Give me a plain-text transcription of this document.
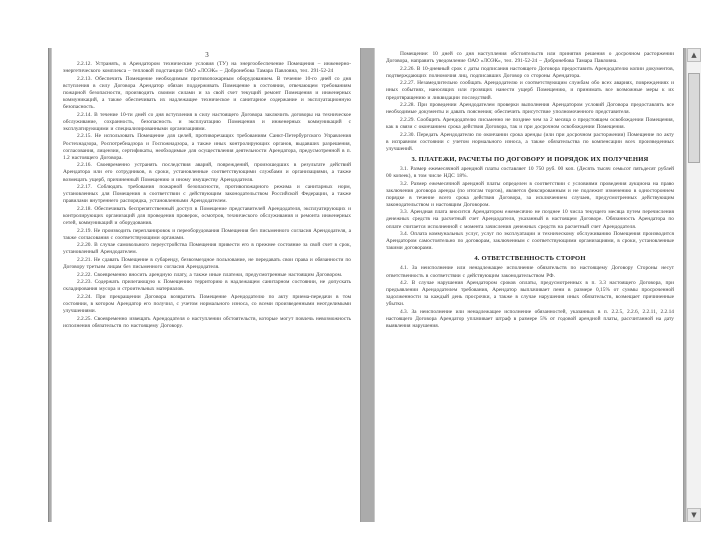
3

2.2.12. Устранять, в Арендатором технические условия (ТУ) на энергообеспечение Помещения – инженерно-энергетического комплекса – тепловой подстанции ОАО «ЛОЭК» – Добронебова Тамара Павловна, тел. 291-52-24

2.2.13. Обеспечить Помещение необходимым противопожарным оборудованием. В течение 10-го дней со дня вступления в силу Договора Арендатор обязан поддерживать Помещение в состоянии, отвечающем требованиям пожарной безопасности, производить своими силами и за свой счет текущий ремонт Помещения и инженерных коммуникаций, а также обеспечивать их надлежащее техническое и санитарное содержание и эксплуатационную безопасность.

2.2.14. В течение 10-ти дней со дня вступления в силу настоящего Договора заключить договоры на техническое обслуживание, сохранность, безопасность и эксплуатацию Помещения и инженерных коммуникаций с эксплуатирующими и специализированными организациями.

2.2.15. Не использовать Помещение для целей, противоречащих требованиям Санкт-Петербургского Управления Ростехнадзора, Роспотребнадзора и Госпожнадзора, а также иных контролирующих органов, выдавших разрешения, согласования, лицензии, сертификаты, необходимые для осуществления деятельности Арендатора, предусмотренной в п. 1.2 настоящего Договора.

2.2.16. Своевременно устранять последствия аварий, повреждений, произошедших в результате действий Арендатора или его сотрудников, в сроки, установленные соответствующими службами и организациями, а также возмещать ущерб, причиненный Помещению и иному имуществу Арендодателя.

2.2.17. Соблюдать требования пожарной безопасности, противопожарного режима и санитарных норм, установленных для Помещения в соответствии с действующим законодательством Российской Федерации, а также правилами внутреннего распорядка, установленными Арендодателем.

2.2.18. Обеспечивать беспрепятственный доступ в Помещение представителей Арендодателя, эксплуатирующих и контролирующих организаций для проведения проверок, осмотров, технического обслуживания и ремонта инженерных сетей, коммуникаций и оборудования.

2.2.19. Не производить перепланировок и переоборудования Помещения без письменного согласия Арендодателя, а также согласования с соответствующими органами.

2.2.20. В случае самовольного переустройства Помещения привести его в прежнее состояние за свой счет в срок, установленный Арендодателем.

2.2.21. Не сдавать Помещение в субаренду, безвозмездное пользование, не передавать свои права и обязанности по Договору третьим лицам без письменного согласия Арендодателя.

2.2.22. Своевременно вносить арендную плату, а также иные платежи, предусмотренные настоящим Договором.

2.2.23. Содержать прилегающую к Помещению территорию в надлежащем санитарном состоянии, не допускать складирования мусора и строительных материалов.

2.2.24. При прекращении Договора возвратить Помещение Арендодателю по акту приема-передачи в том состоянии, в котором Арендатор его получил, с учетом нормального износа, со всеми произведенными неотделимыми улучшениями.

2.2.25. Своевременно извещать Арендодателя о наступлении обстоятельств, которые могут повлечь невозможность исполнения обязательств по настоящему Договору.

Помещение: 10 дней со дня наступления обстоятельств или принятия решения о досрочном расторжении Договора, направить уведомление ОАО «ЛОЭК», тел. 291-52-24 – Добронебова Тамара Павловна.

2.2.26. В 10-дневный срок с даты подписания настоящего Договора предоставить Арендодателю копии документов, подтверждающих полномочия лиц, подписавших Договор со стороны Арендатора.

2.2.27. Незамедлительно сообщать Арендодателю и соответствующим службам обо всех авариях, повреждениях и иных событиях, наносящих или грозящих нанести ущерб Помещению, и принимать все возможные меры к их предотвращению и ликвидации последствий.

2.2.28. При проведении Арендодателем проверки выполнения Арендатором условий Договора предоставлять все необходимые документы и давать пояснения; обеспечить присутствие уполномоченного представителя.

2.2.29. Сообщить Арендодателю письменно не позднее чем за 2 месяца о предстоящем освобождении Помещения, как в связи с окончанием срока действия Договора, так и при досрочном освобождении Помещения.

2.2.30. Передать Арендодателю по окончании срока аренды (или при досрочном расторжении) Помещение по акту в исправном состоянии с учетом нормального износа, а также обязательства по компенсации всех произведенных улучшений.

3. ПЛАТЕЖИ, РАСЧЕТЫ ПО ДОГОВОРУ И ПОРЯДОК ИХ ПОЛУЧЕНИЯ

3.1. Размер ежемесячной арендной платы составляет 10 750 руб. 00 коп. (Десять тысяч семьсот пятьдесят рублей 00 копеек), в том числе НДС 18%.

3.2. Размер ежемесячной арендной платы определен в соответствии с условиями проведения аукциона на право заключения договора аренды (по итогам торгов), является фиксированным и не подлежит изменению в одностороннем порядке в течение всего срока действия Договора, за исключением случаев, предусмотренных действующим законодательством и настоящим Договором.

3.3. Арендная плата вносится Арендатором ежемесячно не позднее 10 числа текущего месяца путем перечисления денежных средств на расчетный счет Арендодателя, указанный в настоящем Договоре. Обязанность Арендатора по оплате считается исполненной с момента зачисления денежных средств на расчетный счет Арендодателя.

3.4. Оплата коммунальных услуг, услуг по эксплуатации и техническому обслуживанию Помещения производится Арендатором самостоятельно по договорам, заключенным с соответствующими организациями, в сроки, установленные такими договорами.

4. ОТВЕТСТВЕННОСТЬ СТОРОН

4.1. За неисполнение или ненадлежащее исполнение обязательств по настоящему Договору Стороны несут ответственность в соответствии с действующим законодательством РФ.

4.2. В случае нарушения Арендатором сроков оплаты, предусмотренных в п. 3.3 настоящего Договора, при предъявлении Арендодателем требования, Арендатор выплачивает пени в размере 0,15% от суммы просроченной задолженности за каждый день просрочки, а также в случае нарушения иных обязательств, возмещает причиненные убытки.

4.3. За неисполнение или ненадлежащее исполнение обязанностей, указанных в п. 2.2.5, 2.2.6, 2.2.11, 2.2.14 настоящего Договора Арендатор уплачивает штраф в размере 5% от годовой арендной платы, рассчитанной на дату выявления нарушения.

▲
▼
